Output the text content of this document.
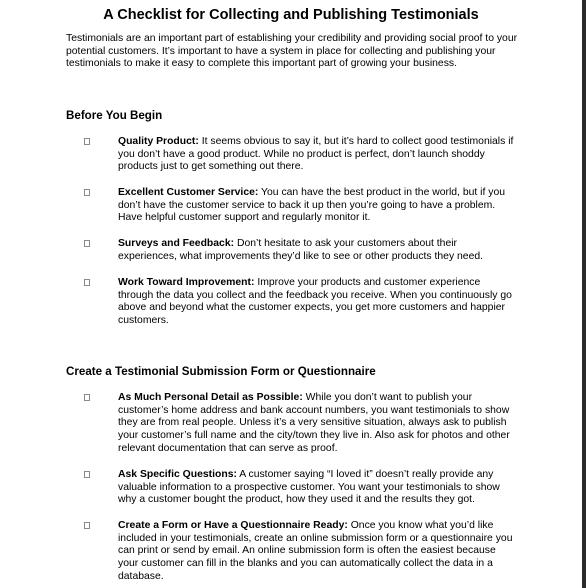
A Checklist for Collecting and Publishing Testimonials
Testimonials are an important part of establishing your credibility and providing social proof to your potential customers. It’s important to have a system in place for collecting and publishing your testimonials to make it easy to complete this important part of growing your business.
Before You Begin
Quality Product: It seems obvious to say it, but it’s hard to collect good testimonials if you don’t have a good product. While no product is perfect, don’t launch shoddy products just to get something out there.
Excellent Customer Service: You can have the best product in the world, but if you don’t have the customer service to back it up then you’re going to have a problem. Have helpful customer support and regularly monitor it.
Surveys and Feedback: Don’t hesitate to ask your customers about their experiences, what improvements they’d like to see or other products they need.
Work Toward Improvement: Improve your products and customer experience through the data you collect and the feedback you receive. When you continuously go above and beyond what the customer expects, you get more customers and happier customers.
Create a Testimonial Submission Form or Questionnaire
As Much Personal Detail as Possible: While you don’t want to publish your customer’s home address and bank account numbers, you want testimonials to show they are from real people. Unless it’s a very sensitive situation, always ask to publish your customer’s full name and the city/town they live in. Also ask for photos and other relevant documentation that can serve as proof.
Ask Specific Questions: A customer saying “I loved it” doesn’t really provide any valuable information to a prospective customer. You want your testimonials to show why a customer bought the product, how they used it and the results they got.
Create a Form or Have a Questionnaire Ready: Once you know what you’d like included in your testimonials, create an online submission form or a questionnaire you can print or send by email. An online submission form is often the easiest because your customer can fill in the blanks and you can automatically collect the data in a database.
